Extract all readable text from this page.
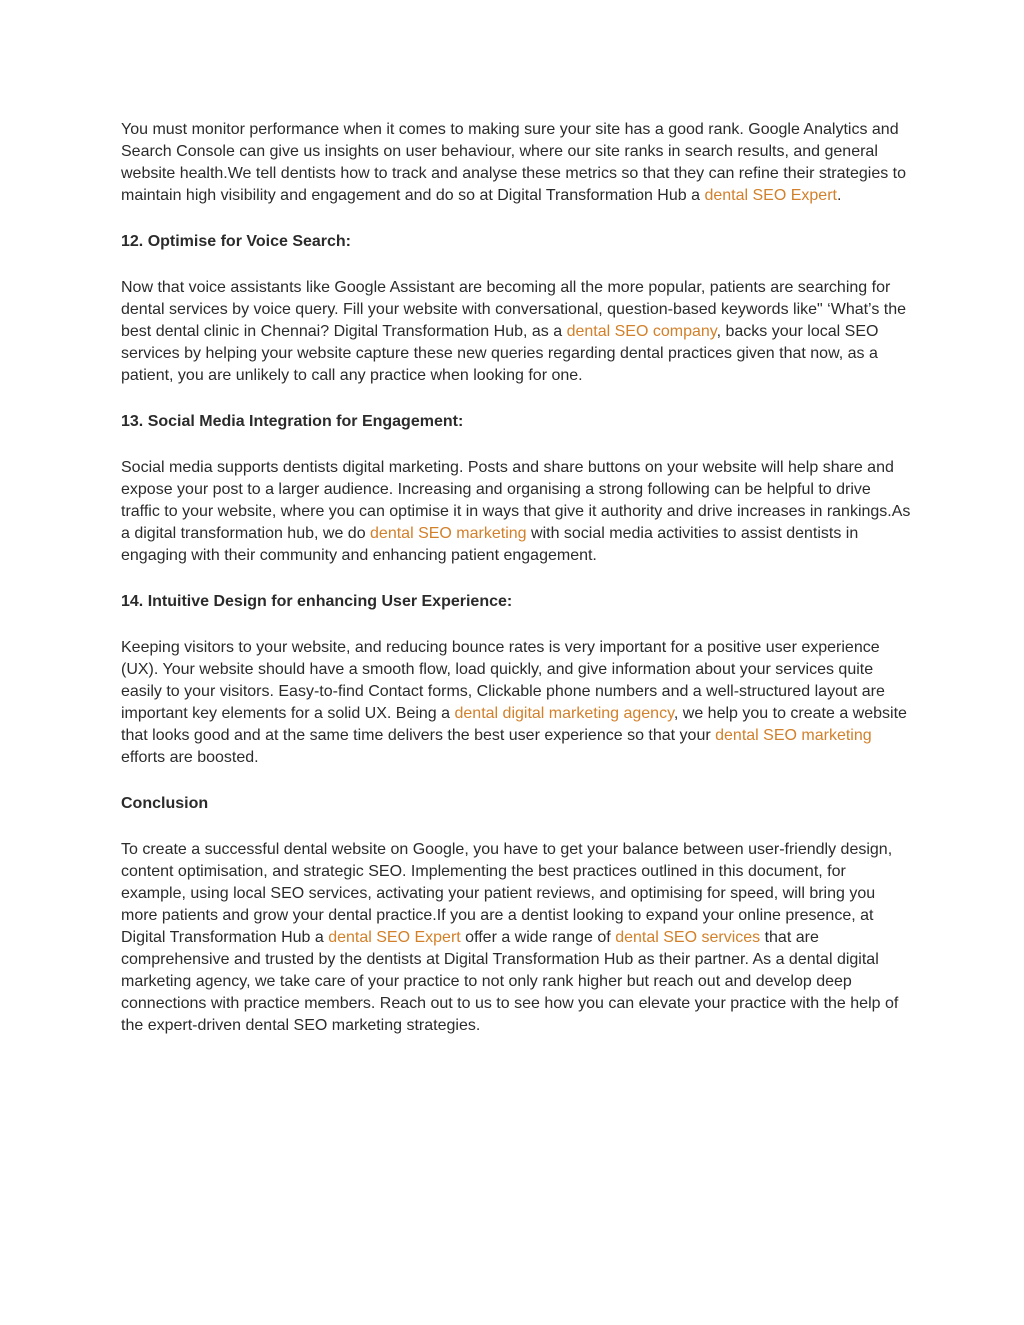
You must monitor performance when it comes to making sure your site has a good rank. Google Analytics and Search Console can give us insights on user behaviour, where our site ranks in search results, and general website health.We tell dentists how to track and analyse these metrics so that they can refine their strategies to maintain high visibility and engagement and do so at Digital Transformation Hub a dental SEO Expert.

12. Optimise for Voice Search:

Now that voice assistants like Google Assistant are becoming all the more popular, patients are searching for dental services by voice query. Fill your website with conversational, question-based keywords like" ‘What’s the best dental clinic in Chennai? Digital Transformation Hub, as a dental SEO company, backs your local SEO services by helping your website capture these new queries regarding dental practices given that now, as a patient, you are unlikely to call any practice when looking for one.

13. Social Media Integration for Engagement:

Social media supports dentists digital marketing. Posts and share buttons on your website will help share and expose your post to a larger audience. Increasing and organising a strong following can be helpful to drive traffic to your website, where you can optimise it in ways that give it authority and drive increases in rankings.As a digital transformation hub, we do dental SEO marketing with social media activities to assist dentists in engaging with their community and enhancing patient engagement.

14. Intuitive Design for enhancing User Experience:

Keeping visitors to your website, and reducing bounce rates is very important for a positive user experience (UX). Your website should have a smooth flow, load quickly, and give information about your services quite easily to your visitors. Easy-to-find Contact forms, Clickable phone numbers and a well-structured layout are important key elements for a solid UX. Being a dental digital marketing agency, we help you to create a website that looks good and at the same time delivers the best user experience so that your dental SEO marketing efforts are boosted.

Conclusion

To create a successful dental website on Google, you have to get your balance between user-friendly design, content optimisation, and strategic SEO. Implementing the best practices outlined in this document, for example, using local SEO services, activating your patient reviews, and optimising for speed, will bring you more patients and grow your dental practice.If you are a dentist looking to expand your online presence, at Digital Transformation Hub a dental SEO Expert offer a wide range of dental SEO services that are comprehensive and trusted by the dentists at Digital Transformation Hub as their partner. As a dental digital marketing agency, we take care of your practice to not only rank higher but reach out and develop deep connections with practice members. Reach out to us to see how you can elevate your practice with the help of the expert-driven dental SEO marketing strategies.
